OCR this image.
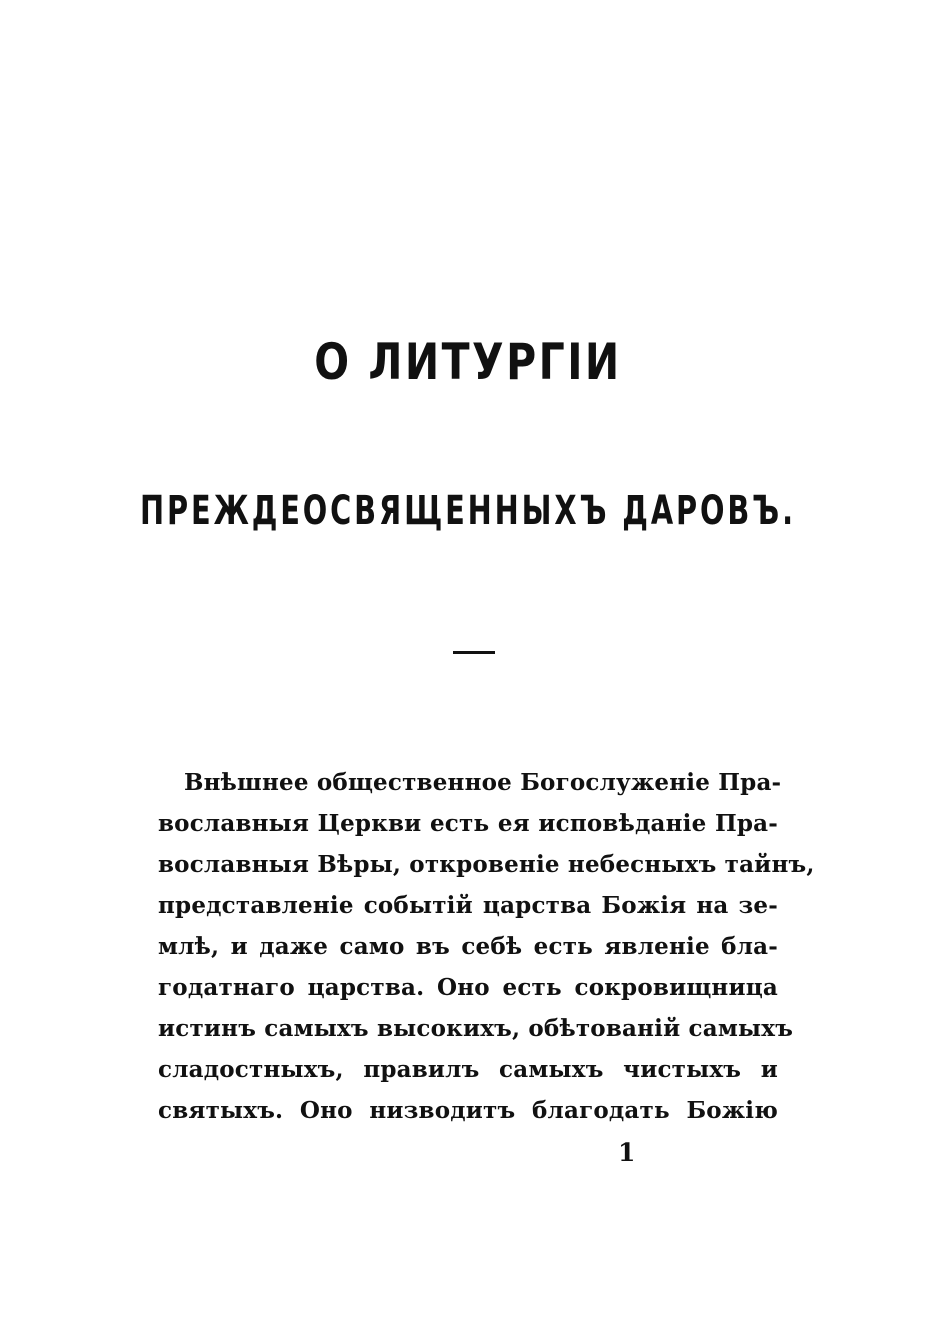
О ЛИТУРГІИ
ПРЕЖДЕОСВЯЩЕННЫХЪ ДАРОВЪ.
Внѣшнее общественное Богослуженіе Пра-
вославныя Церкви есть ея исповѣданіе Пра-
вославныя Вѣры, откровеніе небесныхъ тайнъ,
представленіе событій царства Божія на зе-
млѣ, и даже само въ себѣ есть явленіе бла-
годатнаго царства. Оно есть сокровищница
истинъ самыхъ высокихъ, обѣтованій самыхъ
сладостныхъ, правилъ самыхъ чистыхъ и
святыхъ. Оно низводитъ благодать Божію
1
